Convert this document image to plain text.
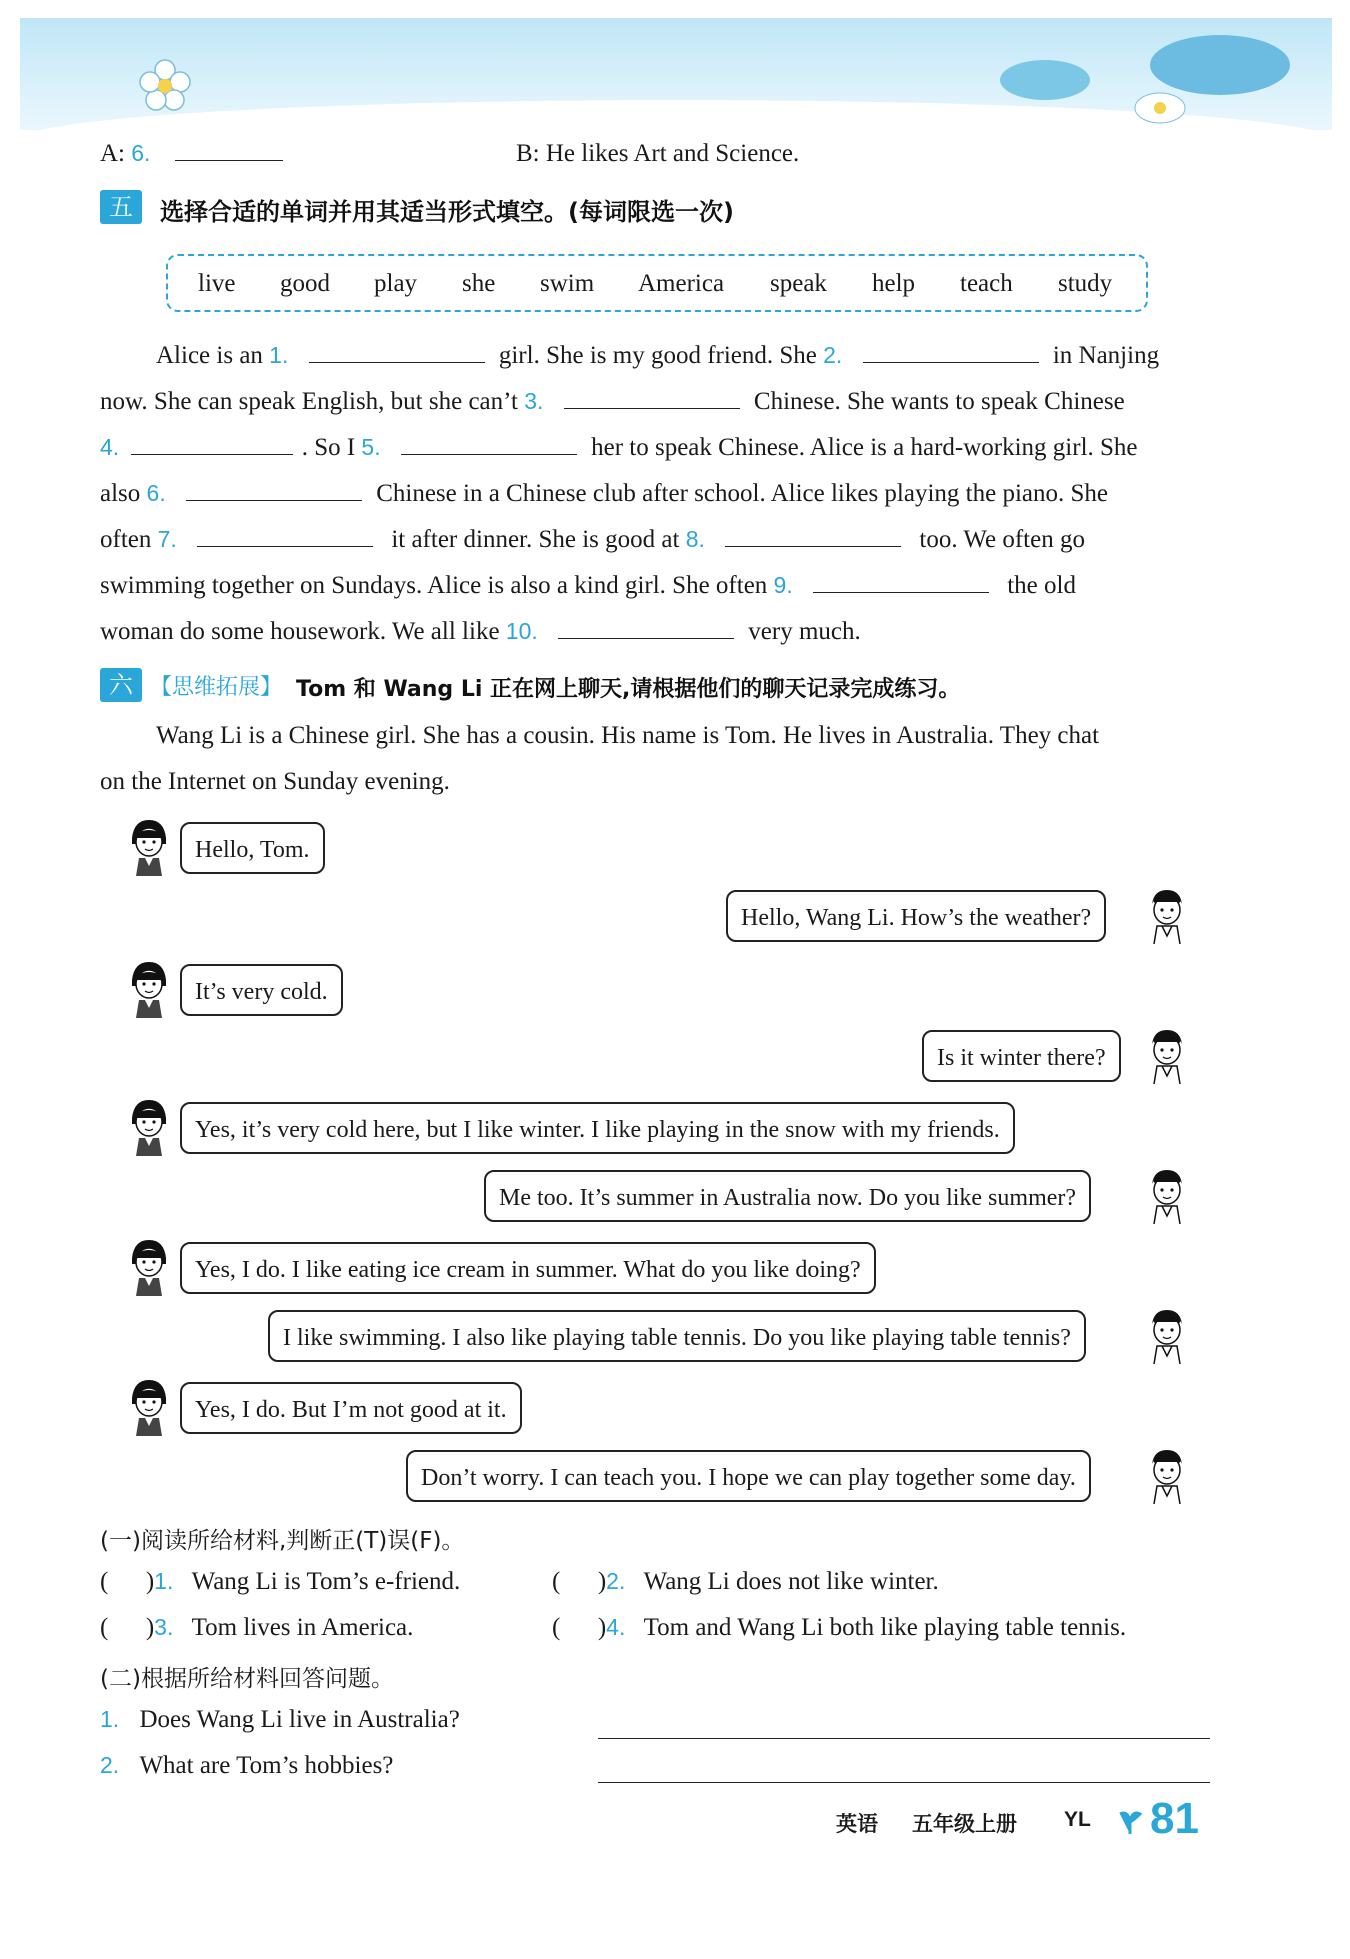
A: 6.	B: He likes Art and Science.
五	选择合适的单词并用其适当形式填空。(每词限选一次)
live good play she swim America speak help teach study
Alice is an 1.	girl. She is my good friend. She 2.	in Nanjing
now. She can speak English, but she can’t 3.	Chinese. She wants to speak Chinese
4.	. So I 5.	her to speak Chinese. Alice is a hard-working girl. She
also 6.	Chinese in a Chinese club after school. Alice likes playing the piano. She
often 7.	it after dinner. She is good at 8.	too. We often go
swimming together on Sundays. Alice is also a kind girl. She often 9.	the old
woman do some housework. We all like 10.	very much.
六 【思维拓展】 Tom 和 Wang Li 正在网上聊天,请根据他们的聊天记录完成练习。
Wang Li is a Chinese girl. She has a cousin. His name is Tom. He lives in Australia. They chat
on the Internet on Sunday evening.
Hello, Tom.
Hello, Wang Li. How’s the weather?
It’s very cold.
Is it winter there?
Yes, it’s very cold here, but I like winter. I like playing in the snow with my friends.
Me too. It’s summer in Australia now. Do you like summer?
Yes, I do. I like eating ice cream in summer. What do you like doing?
I like swimming. I also like playing table tennis. Do you like playing table tennis?
Yes, I do. But I’m not good at it.
Don’t worry. I can teach you. I hope we can play together some day.
(一)阅读所给材料,判断正(T)误(F)。
(      )1. Wang Li is Tom’s e-friend.	(      )2. Wang Li does not like winter.
(      )3. Tom lives in America.	(      )4. Tom and Wang Li both like playing table tennis.
(二)根据所给材料回答问题。
1. Does Wang Li live in Australia?
2. What are Tom’s hobbies?
英语 五年级上册 YL 81
